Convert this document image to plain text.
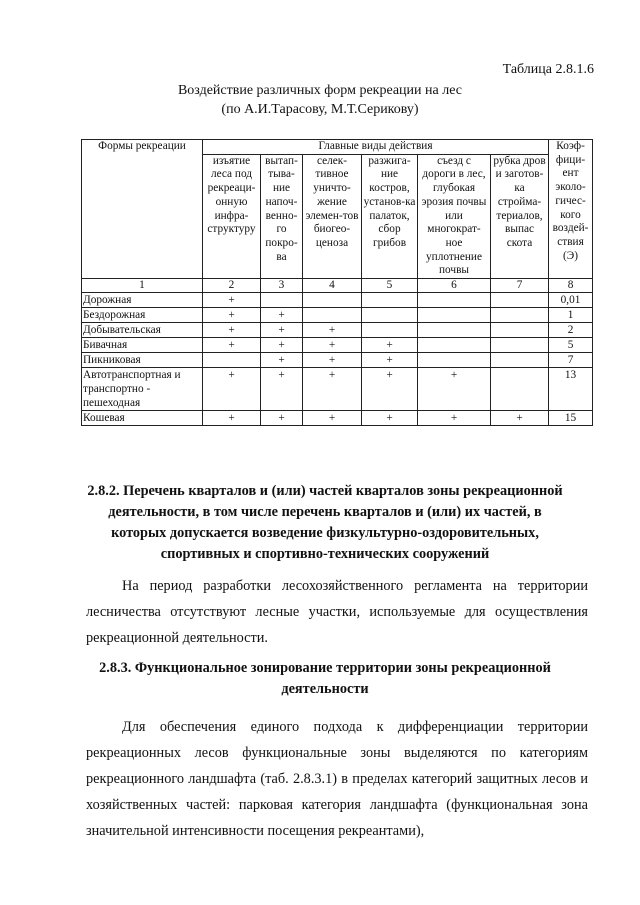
Таблица 2.8.1.6
Воздействие различных форм рекреации на лес
(по А.И.Тарасову, М.Т.Серикову)
Формы рекреации	Главные виды действия						Коэф-фици-ент эколо-гичес-кого воздей-ствия (Э)
	изъятие леса под рекреаци-онную инфра-структуру	вытап-тыва-ние напоч-венно-го покро-ва	селек-тивное уничто-жение элемен-тов биогео-ценоза	разжига-ние костров, установ-ка палаток, сбор грибов	съезд с дороги в лес, глубокая эрозия почвы или многократ-ное уплотнение почвы	рубка дров и заготов-ка стройма-териалов, выпас скота	
1	2	3	4	5	6	7	8
Дорожная	+						0,01
Бездорожная	+	+					1
Добывательская	+	+	+				2
Бивачная	+	+	+	+			5
Пикниковая		+	+	+			7
Автотранспортная и транспортно - пешеходная	+	+	+	+	+		13
Кошевая	+	+	+	+	+	+	15
2.8.2. Перечень кварталов и (или) частей кварталов зоны рекреационной деятельности, в том числе перечень кварталов и (или) их частей, в которых допускается возведение физкультурно-оздоровительных, спортивных и спортивно-технических сооружений
На период разработки лесохозяйственного регламента на территории лесничества отсутствуют лесные участки, используемые для осуществления рекреационной деятельности.
2.8.3. Функциональное зонирование территории зоны рекреационной деятельности
Для обеспечения единого подхода к дифференциации территории рекреационных лесов функциональные зоны выделяются по категориям рекреационного ландшафта (таб. 2.8.3.1) в пределах категорий защитных лесов и хозяйственных частей: парковая категория ландшафта (функциональная зона значительной интенсивности посещения рекреантами),
